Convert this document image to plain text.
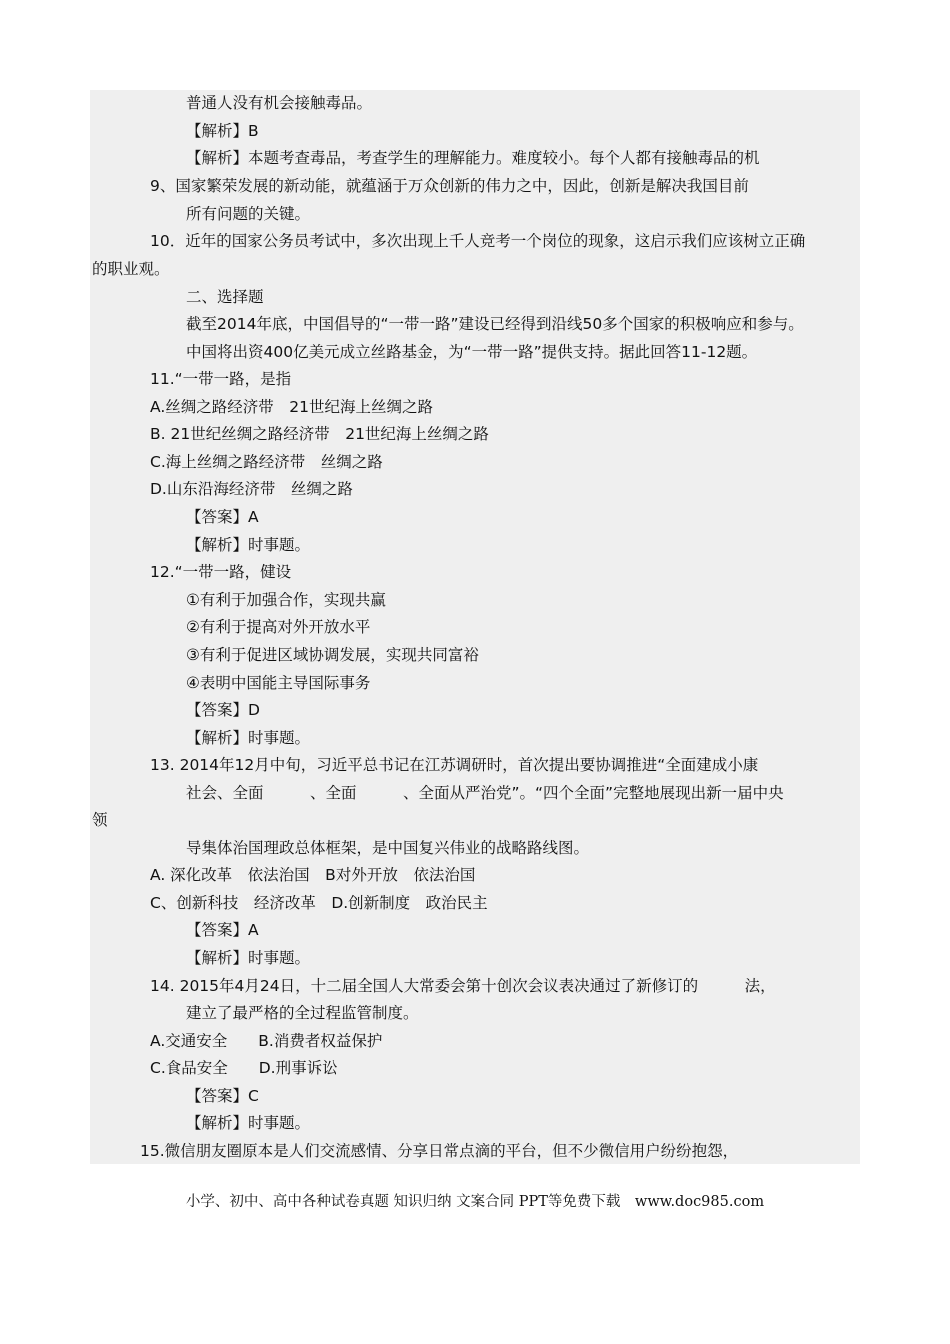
普通人没有机会接触毒品。
【解析】B
【解析】本题考查毒品，考查学生的理解能力。难度较小。每个人都有接触毒品的机
9、国家繁荣发展的新动能，就蕴涵于万众创新的伟力之中，因此，创新是解决我国目前
所有问题的关键。
10．近年的国家公务员考试中，多次出现上千人竞考一个岗位的现象，这启示我们应该树立正确
的职业观。
二、选择题
截至2014年底，中国倡导的“一带一路”建设已经得到沿线50多个国家的积极响应和参与。
中国将出资400亿美元成立丝路基金，为“一带一路”提供支持。据此回答11-12题。
11.“一带一路，是指
A.丝绸之路经济带　21世纪海上丝绸之路
B. 21世纪丝绸之路经济带　21世纪海上丝绸之路
C.海上丝绸之路经济带　丝绸之路
D.山东沿海经济带　丝绸之路
【答案】A
【解析】时事题。
12.“一带一路，健设
①有利于加强合作，实现共赢
②有利于提高对外开放水平
③有利于促进区域协调发展，实现共同富裕
④表明中国能主导国际事务
【答案】D
【解析】时事题。
13. 2014年12月中旬，习近平总书记在江苏调研时，首次提出要协调推进“全面建成小康
社会、全面　　　、全面　　　、全面从严治党”。“四个全面”完整地展现出新一届中央
领
导集体治国理政总体框架，是中国复兴伟业的战略路线图。
A. 深化改革　依法治国　B对外开放　依法治国
C、创新科技　经济改革　D.创新制度　政治民主
【答案】A
【解析】时事题。
14. 2015年4月24日，十二届全国人大常委会第十创次会议表决通过了新修订的　　　法，
建立了最严格的全过程监管制度。
A.交通安全　　B.消费者权益保护
C.食品安全　　D.刑事诉讼
【答案】C
【解析】时事题。
15.微信朋友圈原本是人们交流感情、分享日常点滴的平台，但不少微信用户纷纷抱怨，
小学、初中、高中各种试卷真题 知识归纳 文案合同 PPT等免费下载　www.doc985.com
